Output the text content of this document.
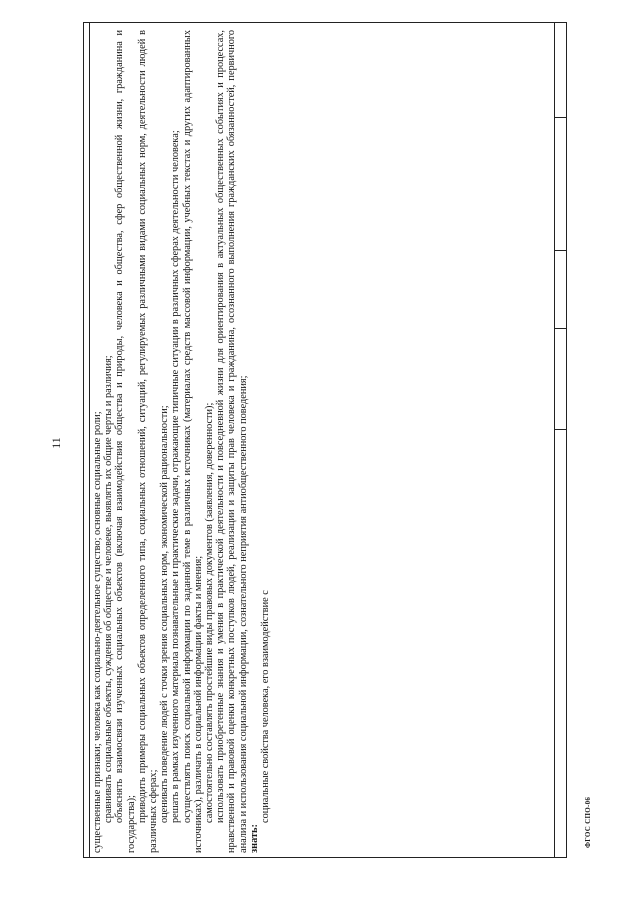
11	существенные признаки; человека как социально-деятельное существо; основные социальные роли; сравнивать социальные объекты, суждения об обществе и человеке, выявлять их общие черты и различия; объяснять взаимосвязи изученных социальных объектов (включая взаимодействия общества и природы, человека и общества, сфер общественной жизни, гражданина и государства);

приводить примеры социальных объектов определенного типа, социальных отношений, ситуаций, регулируемых различными видами социальных норм, деятельности людей в различных сферах; оценивать поведение людей с точки зрения социальных норм, экономической рациональности; решать в рамках изученного материала познавательные и практические задачи, отражающие типичные ситуации в различных сферах деятельности человека; осуществлять поиск социальной информации по заданной теме в различных источниках (материалах средств массовой информации, учебных текстах и других адаптированных источниках), различать в социальной информации факты и мнения; самостоятельно составлять простейшие виды правовых документов (заявления, доверенности); использовать приобретенные знания и умения в практической деятельности и повседневной жизни для ориентирования в актуальных общественных событиях и процессах, нравственной и правовой оценки конкретных поступков людей, реализации и защиты прав человека и гражданина, осознанного выполнения гражданских обязанностей, первичного анализа и использования социальной информации, сознательного неприятия антиобщественного поведения; знать:

социальные свойства человека, его взаимодействие с	ФГОС СПО-06
